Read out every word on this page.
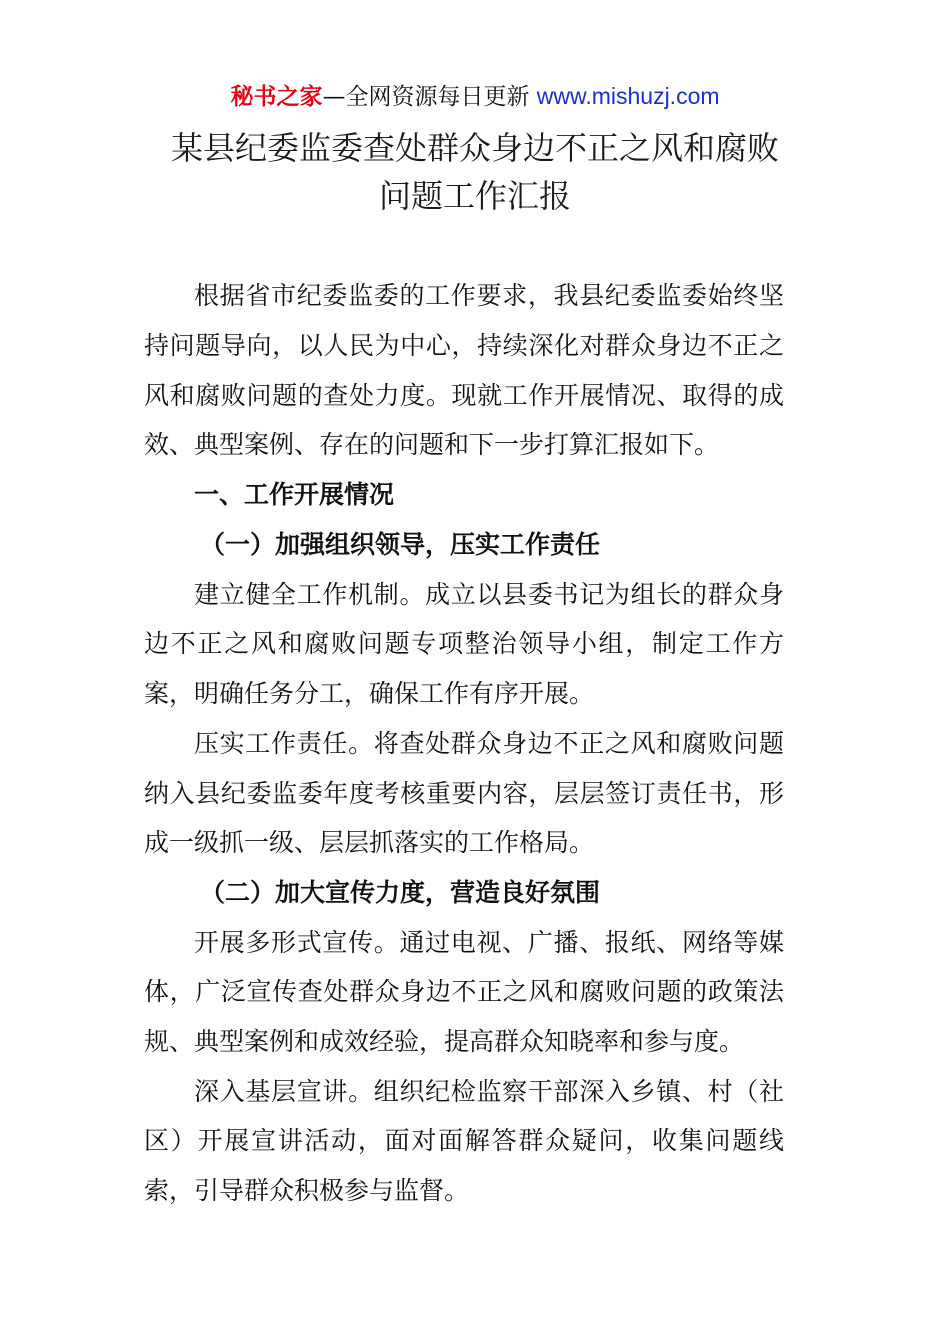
秘书之家—全网资源每日更新 www.mishuzj.com
某县纪委监委查处群众身边不正之风和腐败
问题工作汇报

根据省市纪委监委的工作要求，我县纪委监委始终坚

持问题导向，以人民为中心，持续深化对群众身边不正之

风和腐败问题的查处力度。现就工作开展情况、取得的成

效、典型案例、存在的问题和下一步打算汇报如下。

一、工作开展情况

（一）加强组织领导，压实工作责任

建立健全工作机制。成立以县委书记为组长的群众身

边不正之风和腐败问题专项整治领导小组，制定工作方

案，明确任务分工，确保工作有序开展。

压实工作责任。将查处群众身边不正之风和腐败问题

纳入县纪委监委年度考核重要内容，层层签订责任书，形

成一级抓一级、层层抓落实的工作格局。

（二）加大宣传力度，营造良好氛围

开展多形式宣传。通过电视、广播、报纸、网络等媒

体，广泛宣传查处群众身边不正之风和腐败问题的政策法

规、典型案例和成效经验，提高群众知晓率和参与度。

深入基层宣讲。组织纪检监察干部深入乡镇、村（社

区）开展宣讲活动，面对面解答群众疑问，收集问题线

索，引导群众积极参与监督。
